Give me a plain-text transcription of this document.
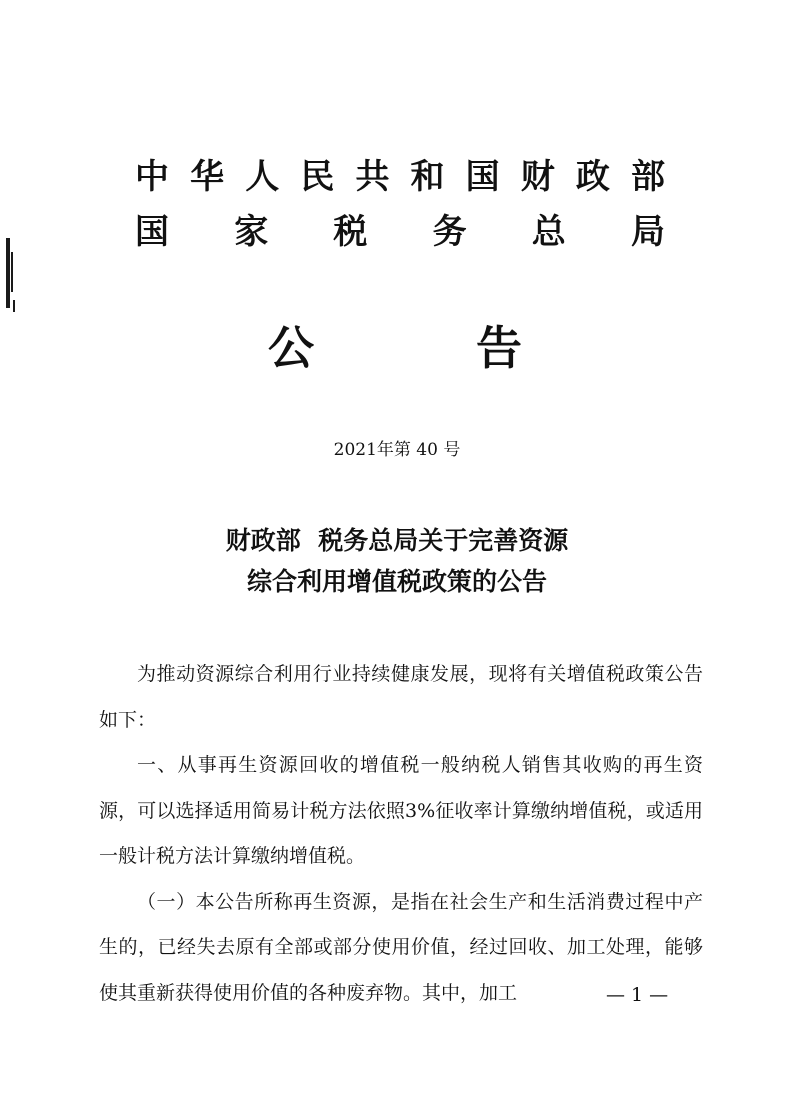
中 华 人 民 共 和 国 财 政 部
国 家 税 务 总 局
公	告
2021年第 40 号
财政部  税务总局关于完善资源
综合利用增值税政策的公告

为推动资源综合利用行业持续健康发展，现将有关增值税政策公告如下：

一、从事再生资源回收的增值税一般纳税人销售其收购的再生资源，可以选择适用简易计税方法依照3%征收率计算缴纳增值税，或适用一般计税方法计算缴纳增值税。

（一）本公告所称再生资源，是指在社会生产和生活消费过程中产生的，已经失去原有全部或部分使用价值，经过回收、加工处理，能够使其重新获得使用价值的各种废弃物。其中，加工	— 1 —
